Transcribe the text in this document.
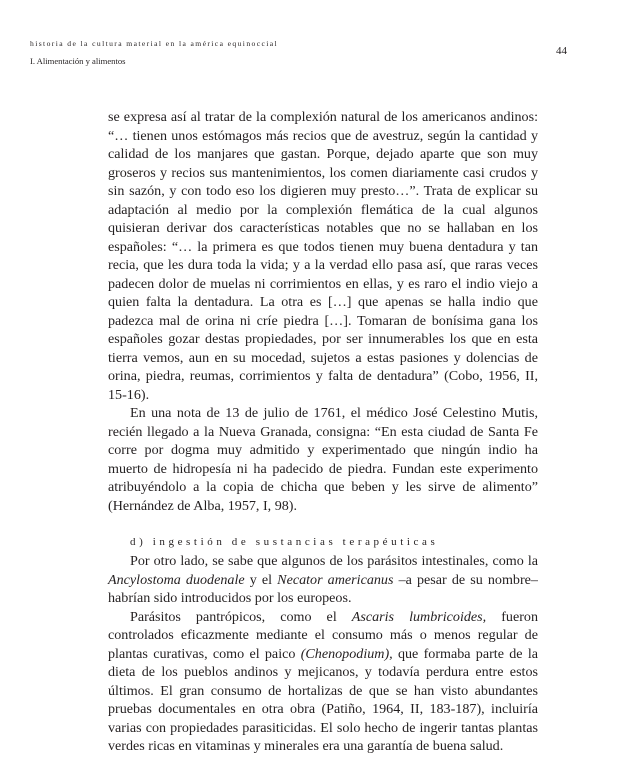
historia de la cultura material en la américa equinoccial
I. Alimentación y alimentos
44

se expresa así al tratar de la complexión natural de los americanos andinos: “… tienen unos estómagos más recios que de avestruz, según la cantidad y calidad de los manjares que gastan. Porque, dejado aparte que son muy groseros y recios sus mantenimientos, los comen diariamente casi crudos y sin sazón, y con todo eso los digieren muy presto…”. Trata de explicar su adaptación al medio por la complexión flemática de la cual algunos quisieran derivar dos características notables que no se hallaban en los españoles: “… la primera es que todos tienen muy buena dentadura y tan recia, que les dura toda la vida; y a la verdad ello pasa así, que raras veces padecen dolor de muelas ni corrimientos en ellas, y es raro el indio viejo a quien falta la dentadura. La otra es […] que apenas se halla indio que padezca mal de orina ni críe piedra […]. Tomaran de bonísima gana los españoles gozar destas propiedades, por ser innumerables los que en esta tierra vemos, aun en su mocedad, sujetos a estas pasiones y dolencias de orina, piedra, reumas, corrimientos y falta de dentadura” (Cobo, 1956, II, 15-16).

En una nota de 13 de julio de 1761, el médico José Celestino Mutis, recién llegado a la Nueva Granada, consigna: “En esta ciudad de Santa Fe corre por dogma muy admitido y experimentado que ningún indio ha muerto de hidropesía ni ha padecido de piedra. Fundan este experimento atribuyéndolo a la copia de chicha que beben y les sirve de alimento” (Hernández de Alba, 1957, I, 98).

d) ingestión de sustancias terapéuticas

Por otro lado, se sabe que algunos de los parásitos intestinales, como la Ancylostoma duodenale y el Necator americanus –a pesar de su nombre– habrían sido introducidos por los europeos.

Parásitos pantrópicos, como el Ascaris lumbricoides, fueron controlados eficazmente mediante el consumo más o menos regular de plantas curativas, como el paico (Chenopodium), que formaba parte de la dieta de los pueblos andinos y mejicanos, y todavía perdura entre estos últimos. El gran consumo de hortalizas de que se han visto abundantes pruebas documentales en otra obra (Patiño, 1964, II, 183-187), incluiría varias con propiedades parasiticidas. El solo hecho de ingerir tantas plantas verdes ricas en vitaminas y minerales era una garantía de buena salud.
